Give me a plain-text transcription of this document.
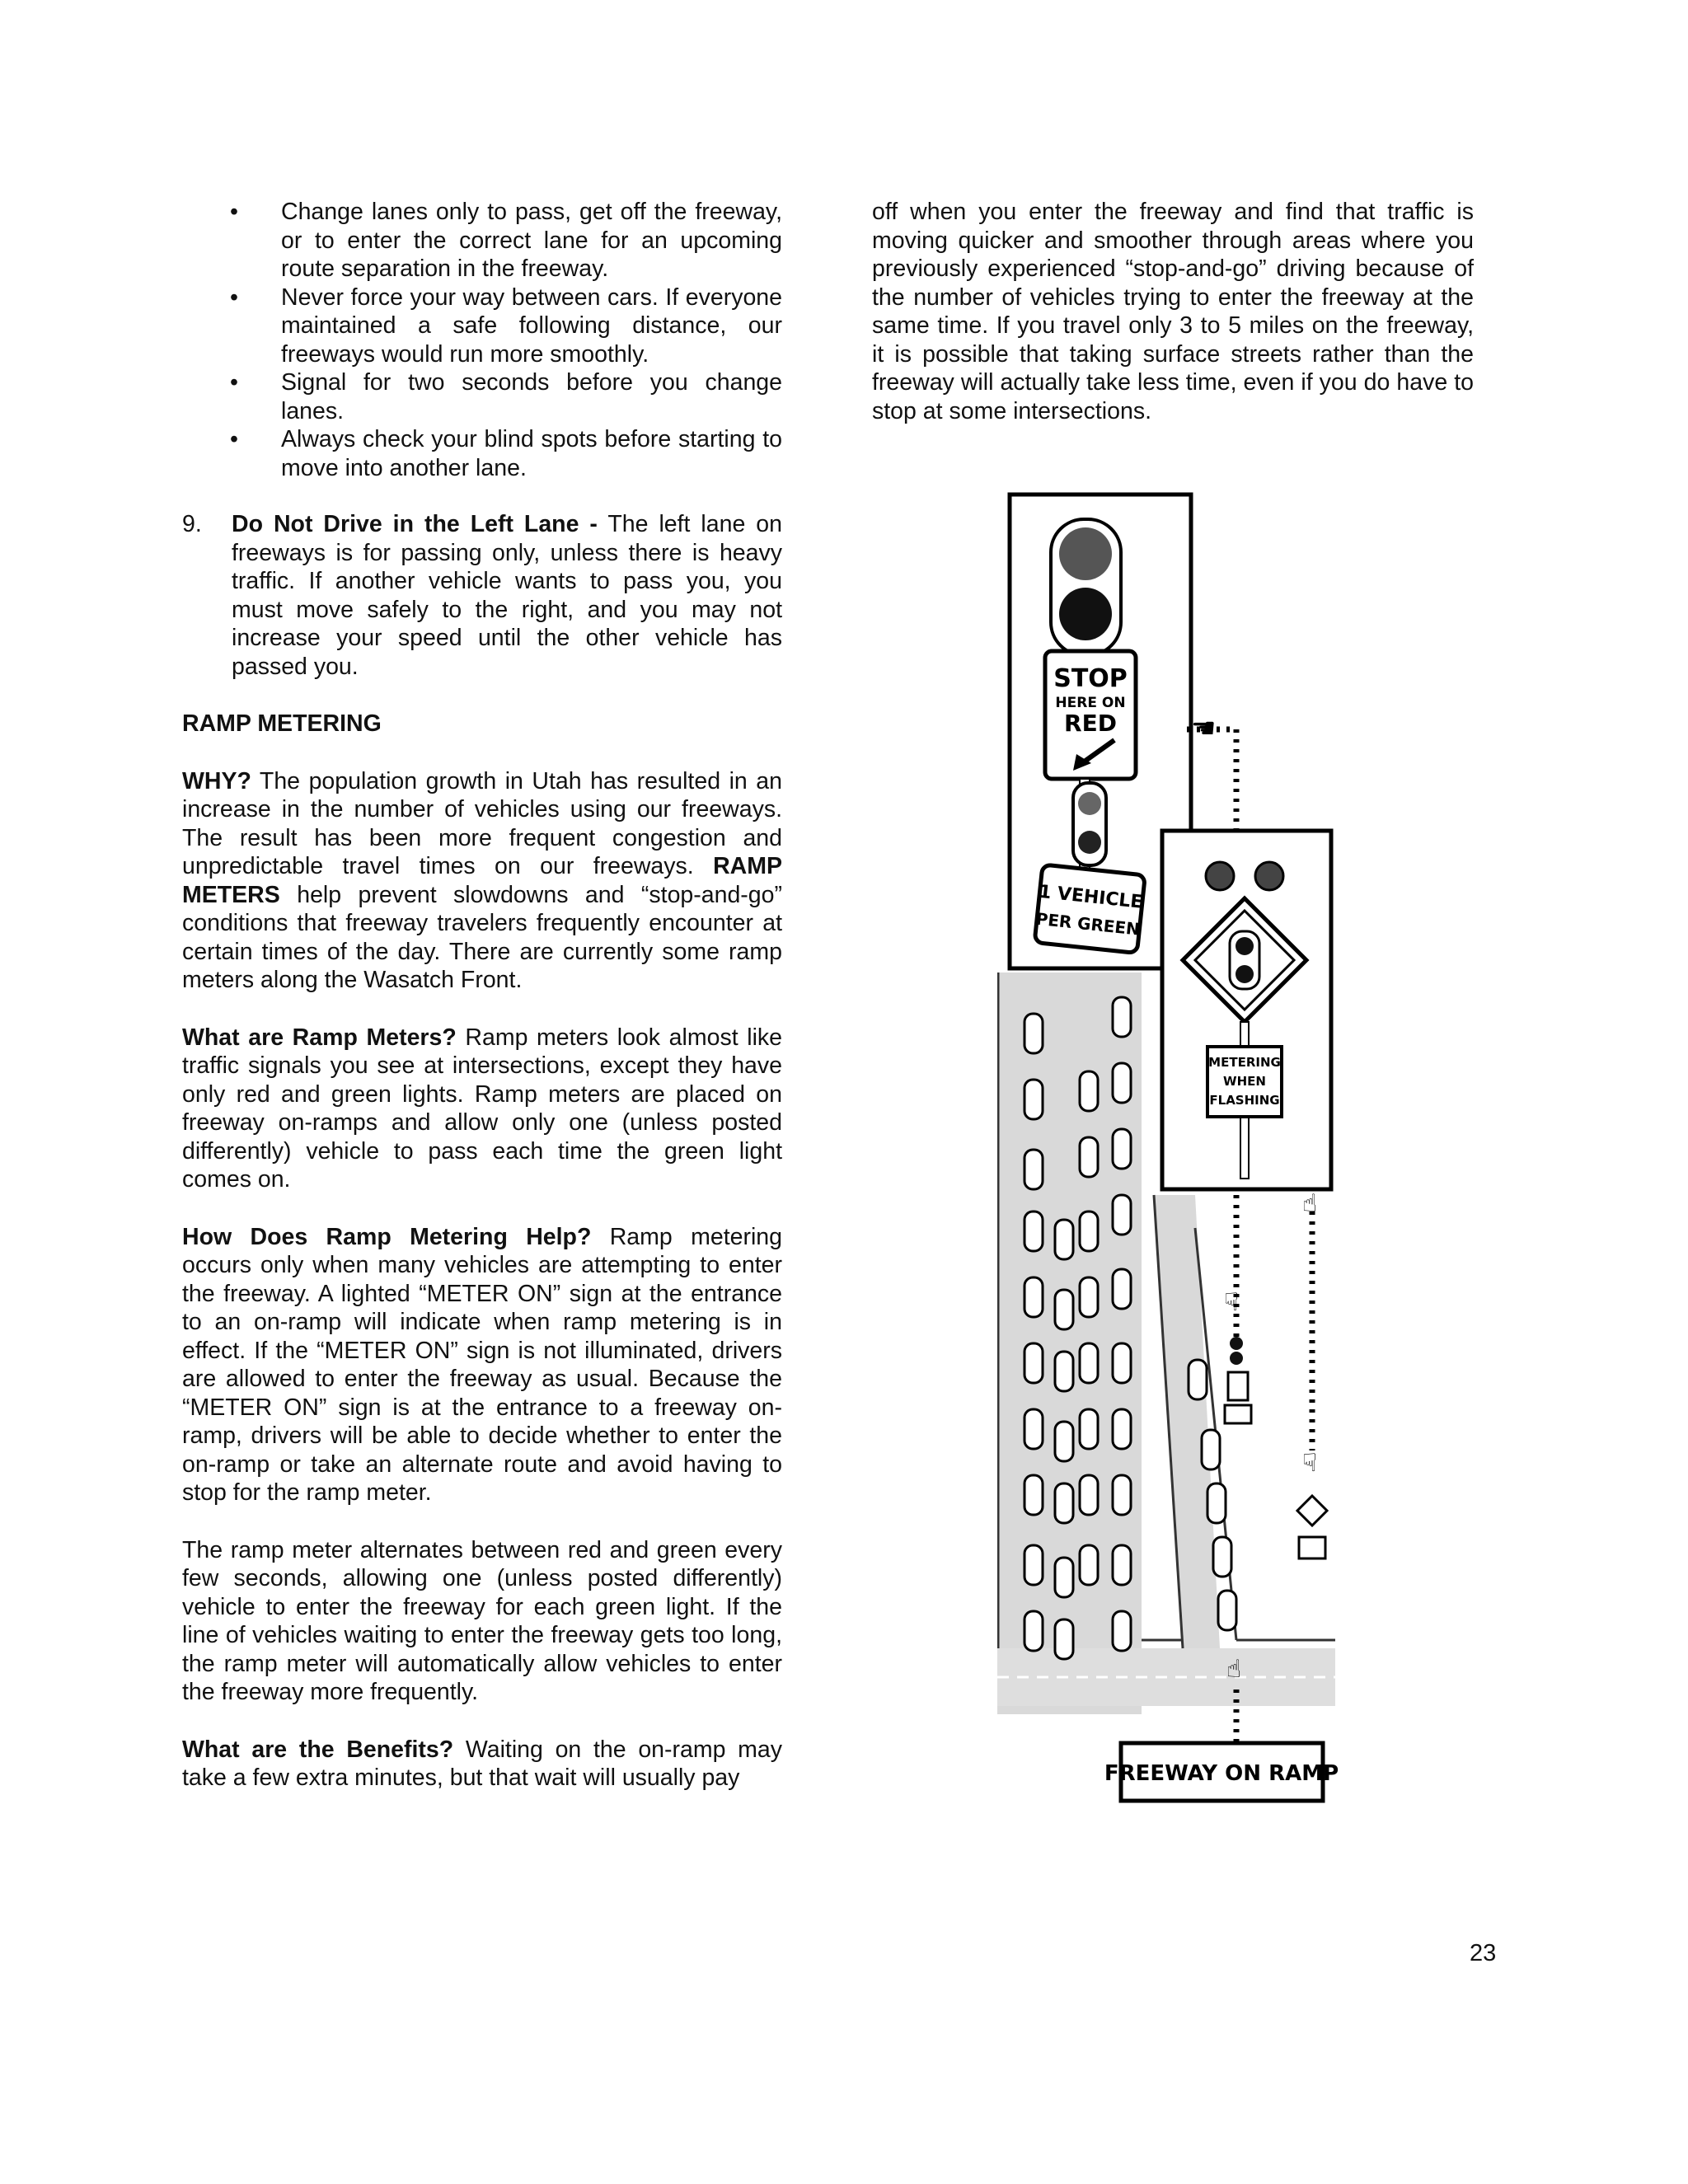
• Change lanes only to pass, get off the freeway, or to enter the correct lane for an upcoming route separation in the freeway.
• Never force your way between cars. If everyone maintained a safe following distance, our freeways would run more smoothly.
• Signal for two seconds before you change lanes.
• Always check your blind spots before starting to move into another lane.
9. Do Not Drive in the Left Lane - The left lane on freeways is for passing only, unless there is heavy traffic. If another vehicle wants to pass you, you must move safely to the right, and you may not increase your speed until the other vehicle has passed you.

RAMP METERING

WHY? The population growth in Utah has resulted in an increase in the number of vehicles using our freeways. The result has been more frequent congestion and unpredictable travel times on our freeways. RAMP METERS help prevent slowdowns and “stop-and-go” conditions that freeway travelers frequently encounter at certain times of the day. There are currently some ramp meters along the Wasatch Front.

What are Ramp Meters? Ramp meters look almost like traffic signals you see at intersections, except they have only red and green lights. Ramp meters are placed on freeway on-ramps and allow only one (unless posted differently) vehicle to pass each time the green light comes on.

How Does Ramp Metering Help? Ramp metering occurs only when many vehicles are attempting to enter the freeway. A lighted “METER ON” sign at the entrance to an on-ramp will indicate when ramp metering is in effect. If the “METER ON” sign is not illuminated, drivers are allowed to enter the freeway as usual. Because the “METER ON” sign is at the entrance to a freeway on-ramp, drivers will be able to decide whether to enter the on-ramp or take an alternate route and avoid having to stop for the ramp meter.

The ramp meter alternates between red and green every few seconds, allowing one (unless posted differently) vehicle to enter the freeway for each green light. If the line of vehicles waiting to enter the freeway gets too long, the ramp meter will automatically allow vehicles to enter the freeway more frequently.

What are the Benefits? Waiting on the on-ramp may take a few extra minutes, but that wait will usually pay

off when you enter the freeway and find that traffic is moving quicker and smoother through areas where you previously experienced “stop-and-go” driving because of the number of vehicles trying to enter the freeway at the same time. If you travel only 3 to 5 miles on the freeway, it is possible that taking surface streets rather than the freeway will actually take less time, even if you do have to stop at some intersections.

STOP
HERE ON
RED
1 VEHICLE
PER GREEN
METERING
WHEN
FLASHING
☚
☝
☟
☟
☝
FREEWAY ON RAMP
23
